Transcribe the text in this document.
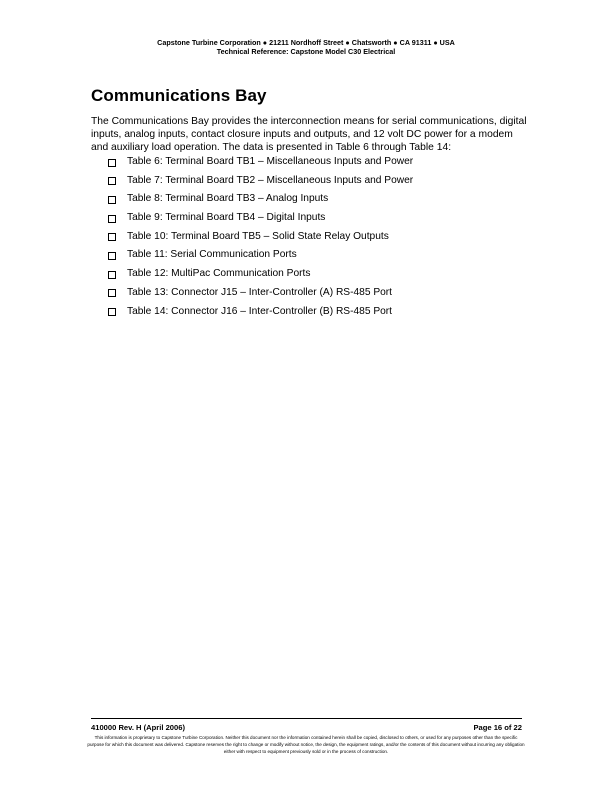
Capstone Turbine Corporation ● 21211 Nordhoff Street ● Chatsworth ● CA 91311 ● USA
Technical Reference: Capstone Model C30 Electrical
Communications Bay

The Communications Bay provides the interconnection means for serial communications, digital inputs, analog inputs, contact closure inputs and outputs, and 12 volt DC power for a modem and auxiliary load operation. The data is presented in Table 6 through Table 14:

Table 6: Terminal Board TB1 – Miscellaneous Inputs and Power
Table 7: Terminal Board TB2 – Miscellaneous Inputs and Power
Table 8: Terminal Board TB3 – Analog Inputs
Table 9: Terminal Board TB4 – Digital Inputs
Table 10: Terminal Board TB5 – Solid State Relay Outputs
Table 11: Serial Communication Ports
Table 12: MultiPac Communication Ports
Table 13: Connector J15 – Inter-Controller (A) RS-485 Port
Table 14: Connector J16 – Inter-Controller (B) RS-485 Port
410000 Rev. H (April 2006)	Page 16 of 22
This information is proprietary to Capstone Turbine Corporation. Neither this document nor the information contained herein shall be copied, disclosed to others, or used for any purposes other than the specific purpose for which this document was delivered. Capstone reserves the right to change or modify without notice, the design, the equipment ratings, and/or the contents of this document without incurring any obligation either with respect to equipment previously sold or in the process of construction.
